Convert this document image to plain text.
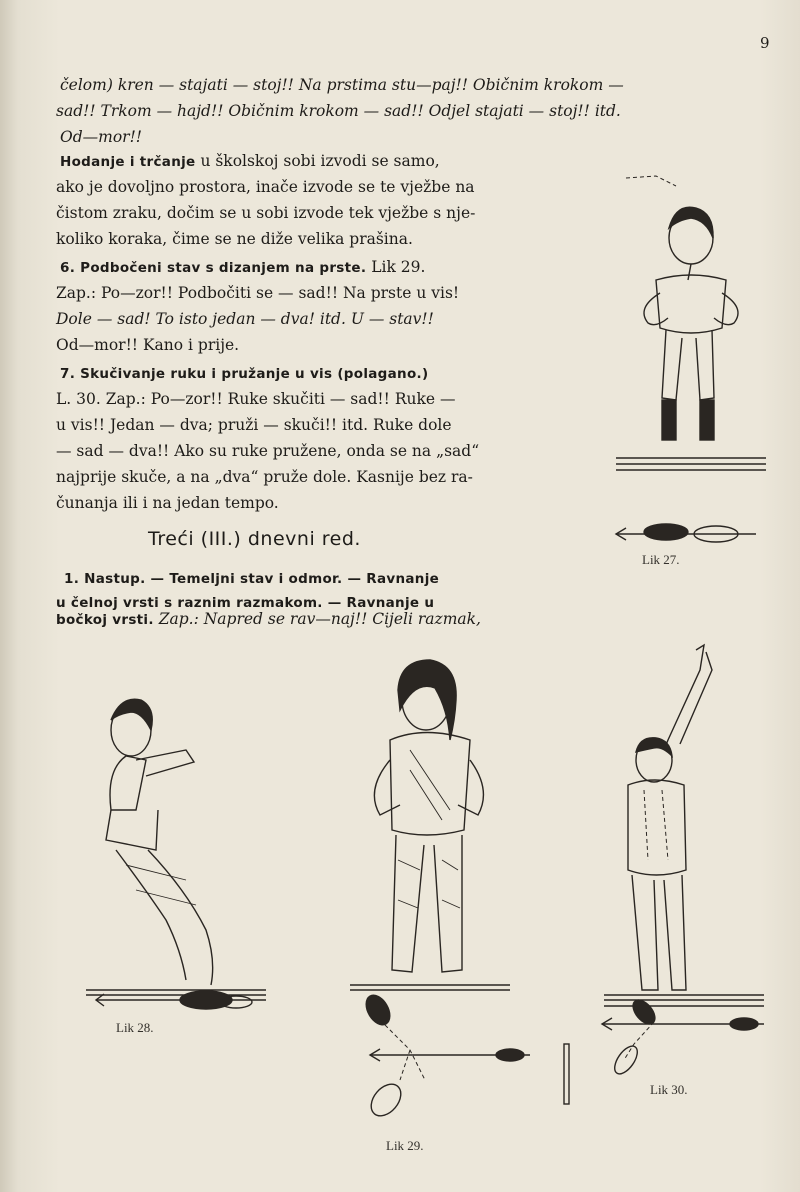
9
čelom) kren — stajati — stoj!! Na prstima stu—paj!! Običnim krokom —
sad!! Trkom — hajd!! Običnim krokom — sad!! Odjel stajati — stoj!! itd.
Od—mor!!
Hodanje i trčanje u školskoj sobi izvodi se samo,
ako je dovoljno prostora, inače izvode se te vježbe na
čistom zraku, dočim se u sobi izvode tek vježbe s nje-
koliko koraka, čime se ne diže velika prašina.
6. Podbočeni stav s dizanjem na prste. Lik 29.
Zap.: Po—zor!! Podbočiti se — sad!! Na prste u vis!
Dole — sad! To isto jedan — dva! itd. U — stav!!
Od—mor!! Kano i prije.
7. Skučivanje ruku i pružanje u vis (polagano.)
L. 30. Zap.: Po—zor!! Ruke skučiti — sad!! Ruke —
u vis!! Jedan — dva; pruži — skuči!! itd. Ruke dole
— sad — dva!! Ako su ruke pružene, onda se na „sad“
najprije skuče, a na „dva“ pruže dole. Kasnije bez ra-
čunanja ili i na jedan tempo.
Treći (III.) dnevni red.
1. Nastup. — Temeljni stav i odmor. — Ravnanje
u čelnoj vrsti s raznim razmakom. — Ravnanje u
bočkoj vrsti. Zap.: Napred se rav—naj!! Cijeli razmak,
Lik 27.
Lik 28.
Lik 29.
Lik 30.
